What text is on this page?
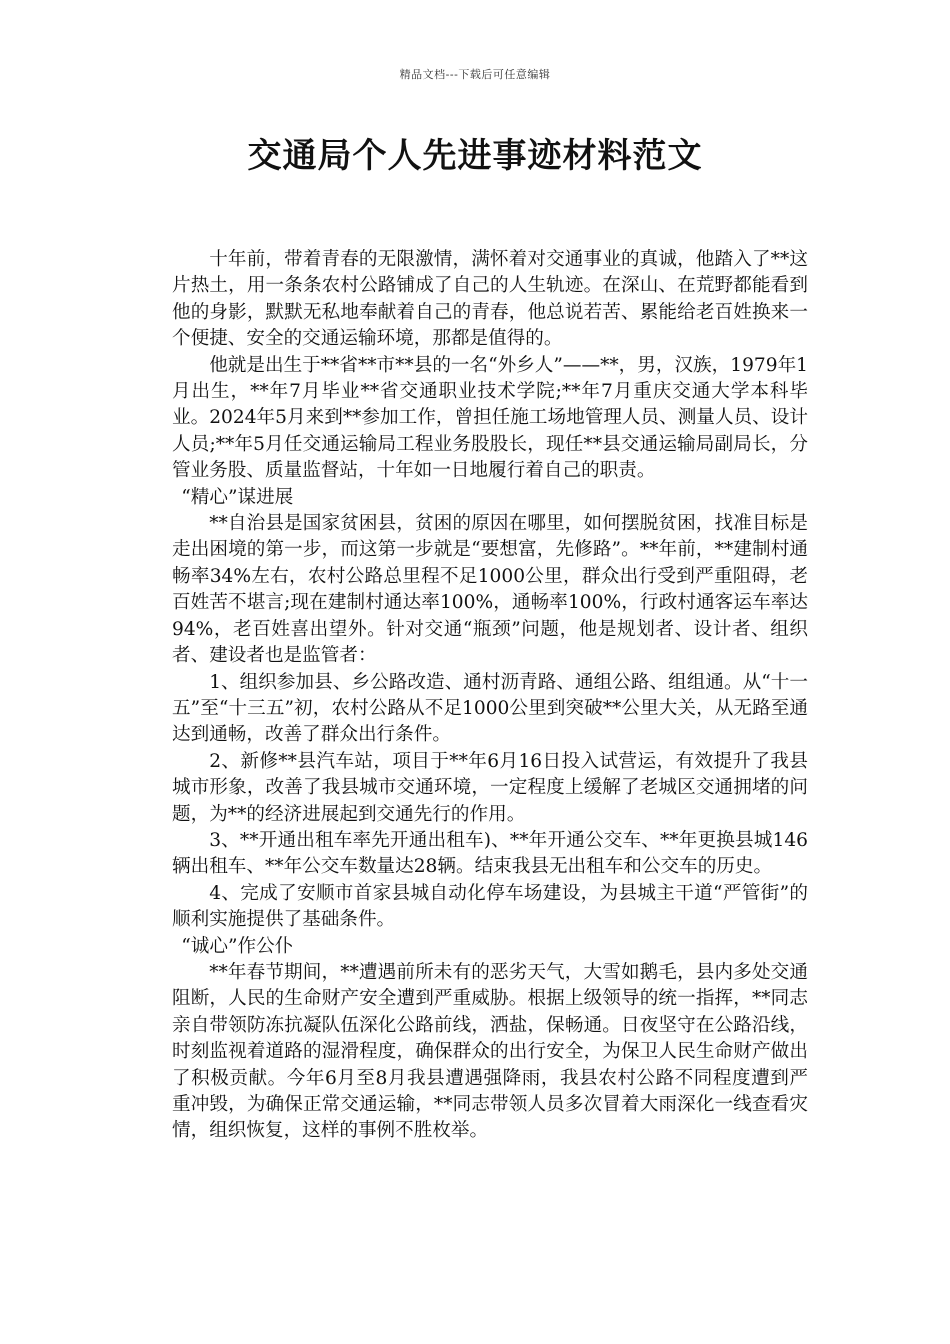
精品文档---下载后可任意编辑
交通局个人先进事迹材料范文

十年前，带着青春的无限激情，满怀着对交通事业的真诚，他踏入了**这片热土，用一条条农村公路铺成了自己的人生轨迹。在深山、在荒野都能看到他的身影，默默无私地奉献着自己的青春，他总说若苦、累能给老百姓换来一个便捷、安全的交通运输环境，那都是值得的。

他就是出生于**省**市**县的一名“外乡人”——**，男，汉族，1979年1月出生，**年7月毕业**省交通职业技术学院;**年7月重庆交通大学本科毕业。2024年5月来到**参加工作，曾担任施工场地管理人员、测量人员、设计人员;**年5月任交通运输局工程业务股股长，现任**县交通运输局副局长，分管业务股、质量监督站，十年如一日地履行着自己的职责。

“精心”谋进展

**自治县是国家贫困县，贫困的原因在哪里，如何摆脱贫困，找准目标是走出困境的第一步，而这第一步就是“要想富，先修路”。**年前，**建制村通畅率34%左右，农村公路总里程不足1000公里，群众出行受到严重阻碍，老百姓苦不堪言;现在建制村通达率100%，通畅率100%，行政村通客运车率达94%，老百姓喜出望外。针对交通“瓶颈”问题，他是规划者、设计者、组织者、建设者也是监管者：

1、组织参加县、乡公路改造、通村沥青路、通组公路、组组通。从“十一五”至“十三五”初，农村公路从不足1000公里到突破**公里大关，从无路至通达到通畅，改善了群众出行条件。

2、新修**县汽车站，项目于**年6月16日投入试营运，有效提升了我县城市形象，改善了我县城市交通环境，一定程度上缓解了老城区交通拥堵的问题，为**的经济进展起到交通先行的作用。

3、**开通出租车率先开通出租车)、**年开通公交车、**年更换县城146辆出租车、**年公交车数量达28辆。结束我县无出租车和公交车的历史。

4、完成了安顺市首家县城自动化停车场建设，为县城主干道“严管街”的顺利实施提供了基础条件。

“诚心”作公仆

**年春节期间，**遭遇前所未有的恶劣天气，大雪如鹅毛，县内多处交通阻断，人民的生命财产安全遭到严重威胁。根据上级领导的统一指挥，**同志亲自带领防冻抗凝队伍深化公路前线，洒盐，保畅通。日夜坚守在公路沿线，时刻监视着道路的湿滑程度，确保群众的出行安全，为保卫人民生命财产做出了积极贡献。今年6月至8月我县遭遇强降雨，我县农村公路不同程度遭到严重冲毁，为确保正常交通运输，**同志带领人员多次冒着大雨深化一线查看灾情，组织恢复，这样的事例不胜枚举。
